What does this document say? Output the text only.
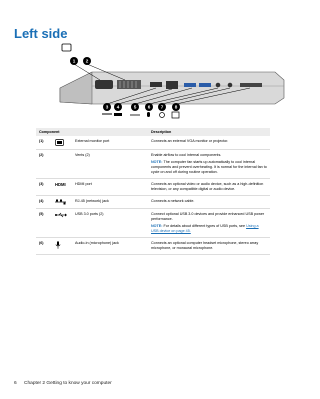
Left side
1 2
3 4	5 6 7 8
Component			Description
(1)		External monitor port	Connects an external VGA monitor or projector.
(2)		Vents (2)	Enable airflow to cool internal components.
NOTE: The computer fan starts up automatically to cool internal components and prevent overheating. It is normal for the internal fan to cycle on and off during routine operation.

(3)	HDMI	HDMI port	Connects an optional video or audio device, such as a high-definition television, or any compatible digital or audio device.
(4)		RJ-45 (network) jack	Connects a network cable.
(5)		USB 3.0 ports (2)	Connect optional USB 3.0 devices and provide enhanced USB power performance.
NOTE: For details about different types of USB ports, see Using a USB device on page 45.

(6)		Audio-in (microphone) jack	Connects an optional computer headset microphone, stereo array microphone, or monaural microphone.
6 Chapter 2 Getting to know your computer
